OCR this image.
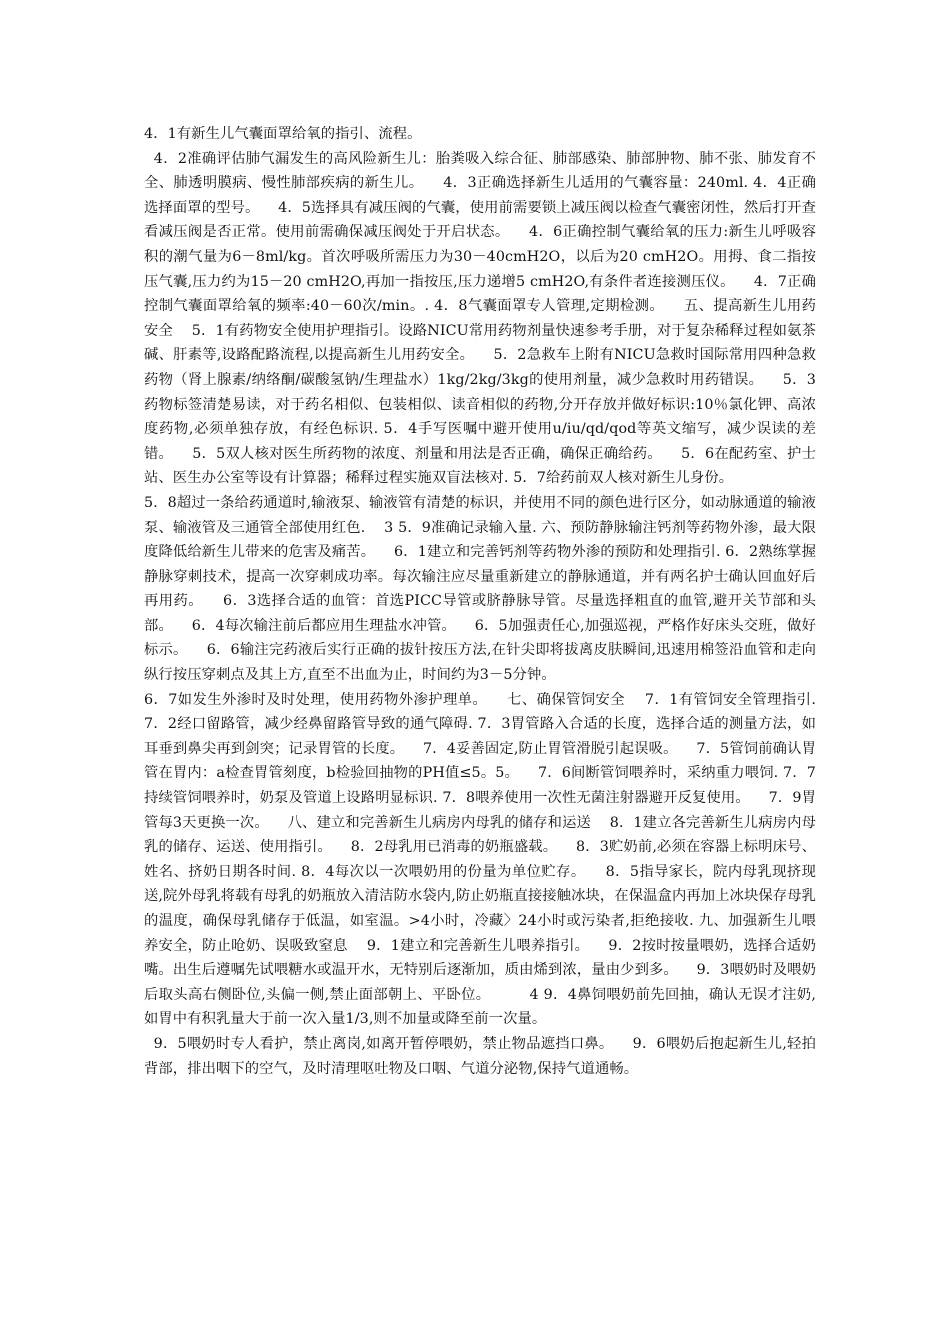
4．1有新生儿气囊面罩给氧的指引、流程。

4．2准确评估肺气漏发生的高风险新生儿：胎粪吸入综合征、肺部感染、肺部肿物、肺不张、肺发育不全、肺透明膜病、慢性肺部疾病的新生儿。    4．3正确选择新生儿适用的气囊容量：240ml. 4．4正确选择面罩的型号。    4．5选择具有减压阀的气囊，使用前需要锁上减压阀以检查气囊密闭性，然后打开查看减压阀是否正常。使用前需确保减压阀处于开启状态。    4．6正确控制气囊给氧的压力:新生儿呼吸容积的潮气量为6－8ml/kg。首次呼吸所需压力为30－40cmH2O，以后为20 cmH2O。用拇、食二指按压气囊,压力约为15－20 cmH2O,再加一指按压,压力递增5 cmH2O,有条件者连接测压仪。    4．7正确控制气囊面罩给氧的频率:40－60次/min。. 4．8气囊面罩专人管理,定期检测。    五、提高新生儿用药安全    5．1有药物安全使用护理指引。设路NICU常用药物剂量快速参考手册，对于复杂稀释过程如氨茶碱、肝素等,设路配路流程,以提高新生儿用药安全。    5．2急救车上附有NICU急救时国际常用四种急救药物（肾上腺素/纳络酮/碳酸氢钠/生理盐水）1kg/2kg/3kg的使用剂量，减少急救时用药错误。    5．3药物标签清楚易读，对于药名相似、包装相似、读音相似的药物,分开存放并做好标识:10％氯化钾、高浓度药物,必须单独存放，有经色标识. 5．4手写医嘱中避开使用u/iu/qd/qod等英文缩写，减少误读的差错。    5．5双人核对医生所药物的浓度、剂量和用法是否正确，确保正确给药。    5．6在配药室、护士站、医生办公室等设有计算器；稀释过程实施双盲法核对. 5．7给药前双人核对新生儿身份。

5．8超过一条给药通道时,输液泵、输液管有清楚的标识，并使用不同的颜色进行区分，如动脉通道的输液泵、输液管及三通管全部使用红色.    3 5．9准确记录输入量. 六、预防静脉输注钙剂等药物外渗，最大限度降低给新生儿带来的危害及痛苦。    6．1建立和完善钙剂等药物外渗的预防和处理指引. 6．2熟练掌握静脉穿刺技术，提高一次穿刺成功率。每次输注应尽量重新建立的静脉通道，并有两名护士确认回血好后再用药。    6．3选择合适的血管：首选PICC导管或脐静脉导管。尽量选择粗直的血管,避开关节部和头部。    6．4每次输注前后都应用生理盐水冲管。    6．5加强责任心,加强巡视，严格作好床头交班，做好标示。    6．6输注完药液后实行正确的拔针按压方法,在针尖即将拔离皮肤瞬间,迅速用棉签沿血管和走向纵行按压穿刺点及其上方,直至不出血为止，时间约为3－5分钟。

6．7如发生外渗时及时处理，使用药物外渗护理单。    七、确保管饲安全    7．1有管饲安全管理指引. 7．2经口留路管，减少经鼻留路管导致的通气障碍. 7．3胃管路入合适的长度，选择合适的测量方法，如耳垂到鼻尖再到剑突；记录胃管的长度。    7．4妥善固定,防止胃管滑脱引起误吸。    7．5管饲前确认胃管在胃内：a检查胃管刻度，b检验回抽物的PH值≤5。5。    7．6间断管饲喂养时，采纳重力喂饲. 7．7持续管饲喂养时，奶泵及管道上设路明显标识. 7．8喂养使用一次性无菌注射器避开反复使用。    7．9胃管每3天更换一次。    八、建立和完善新生儿病房内母乳的储存和运送    8．1建立各完善新生儿病房内母乳的储存、运送、使用指引。    8．2母乳用已消毒的奶瓶盛载。    8．3贮奶前,必须在容器上标明床号、姓名、挤奶日期各时间. 8．4每次以一次喂奶用的份量为单位贮存。    8．5指导家长，院内母乳现挤现送,院外母乳将载有母乳的奶瓶放入清洁防水袋内,防止奶瓶直接接触冰块，在保温盒内再加上冰块保存母乳的温度，确保母乳储存于低温，如室温。>4小时，冷藏〉24小时或污染者,拒绝接收. 九、加强新生儿喂养安全，防止呛奶、误吸致窒息    9．1建立和完善新生儿喂养指引。    9．2按时按量喂奶，选择合适奶嘴。出生后遵嘱先试喂糖水或温开水，无特别后逐渐加，质由烯到浓，量由少到多。    9．3喂奶时及喂奶后取头高右侧卧位,头偏一侧,禁止面部朝上、平卧位。        4 9．4鼻饲喂奶前先回抽，确认无误才注奶,如胃中有积乳量大于前一次入量1/3,则不加量或降至前一次量。

9．5喂奶时专人看护，禁止离岗,如离开暂停喂奶，禁止物品遮挡口鼻。    9．6喂奶后抱起新生儿,轻拍背部，排出咽下的空气，及时清理呕吐物及口咽、气道分泌物,保持气道通畅。
